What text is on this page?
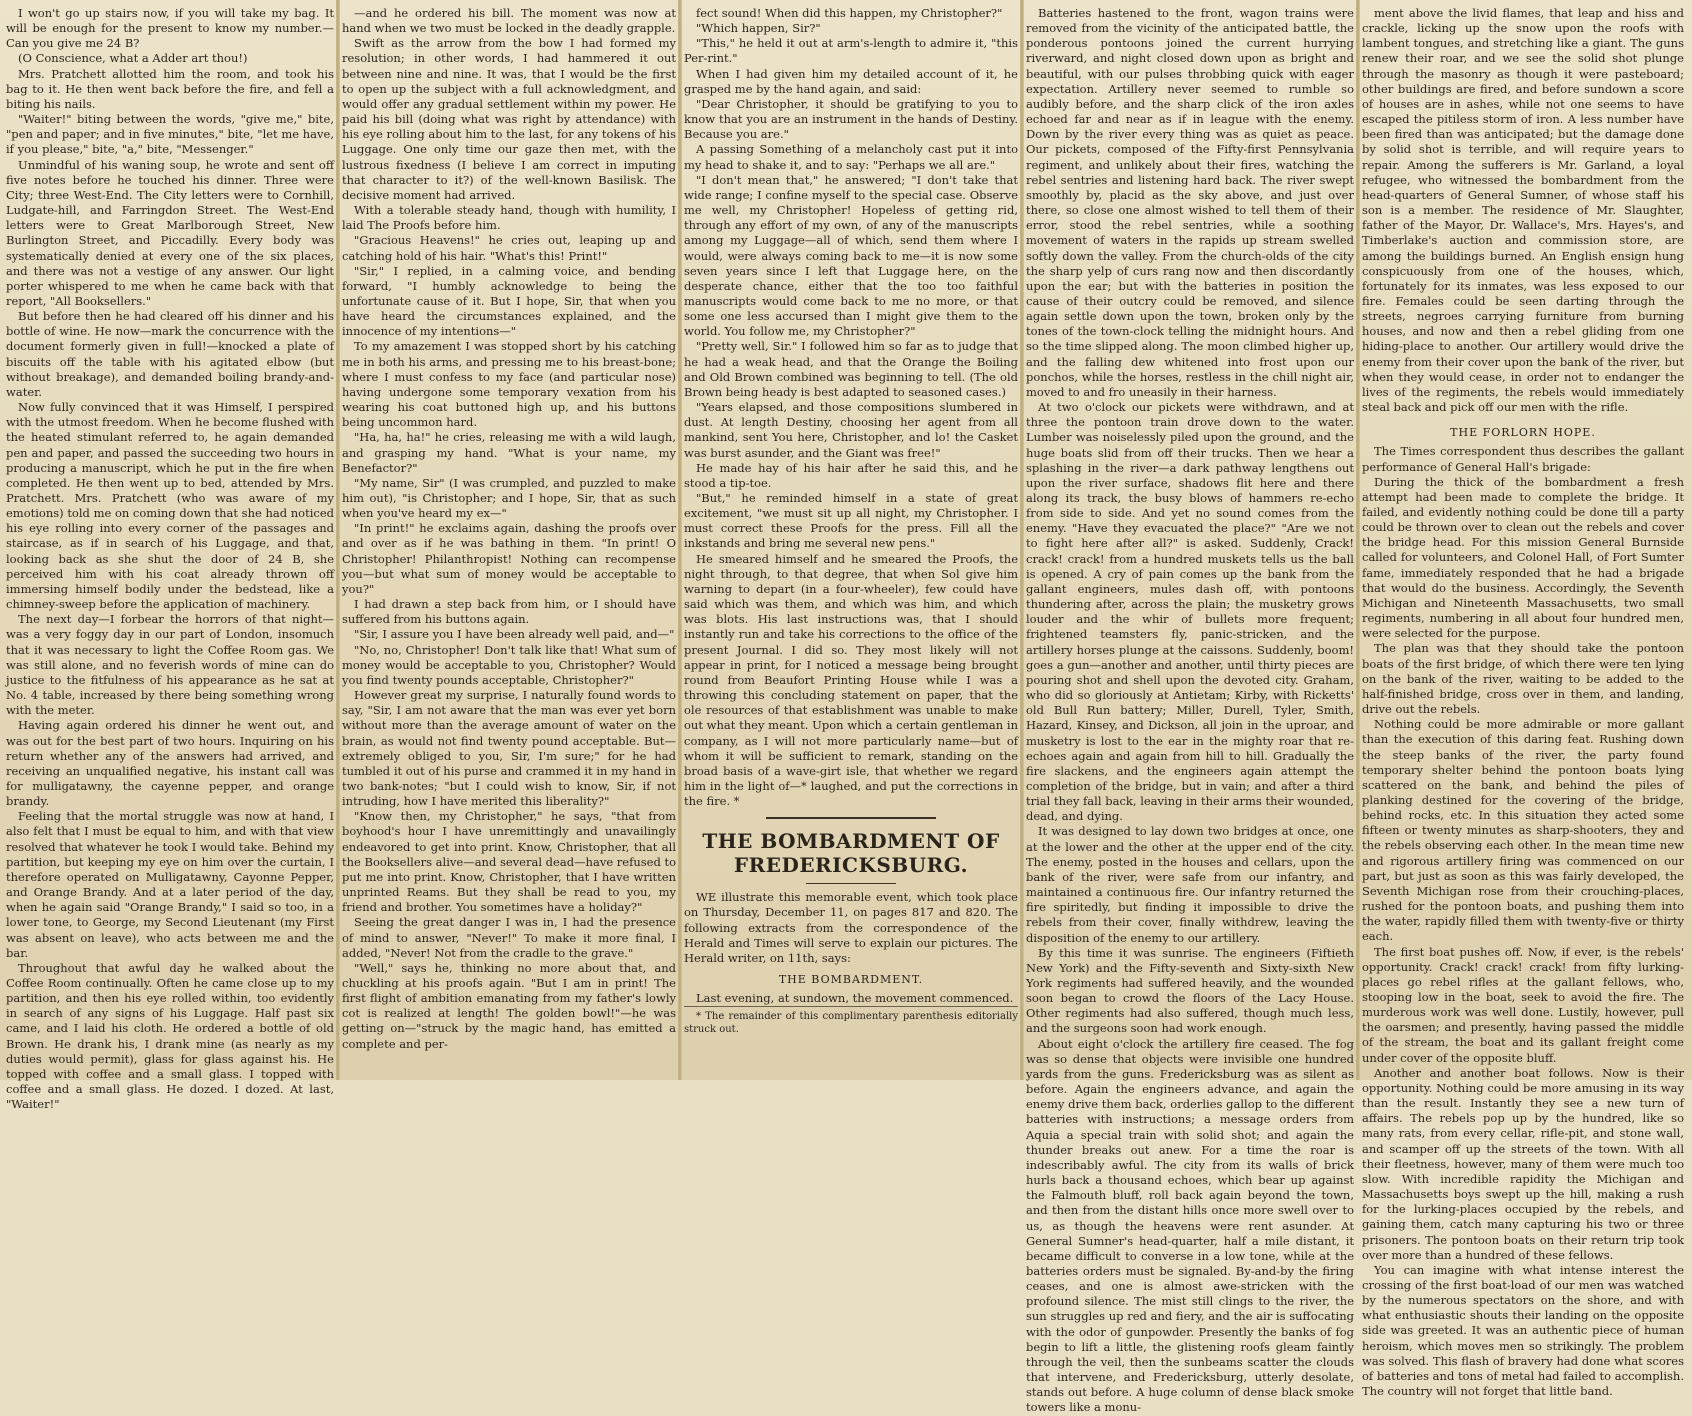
I won't go up stairs now, if you will take my bag. It will be enough for the present to know my number.—Can you give me 24 B?

(O Conscience, what a Adder art thou!)

Mrs. Pratchett allotted him the room, and took his bag to it. He then went back before the fire, and fell a biting his nails.

"Waiter!" biting between the words, "give me," bite, "pen and paper; and in five minutes," bite, "let me have, if you please," bite, "a," bite, "Messenger."

Unmindful of his waning soup, he wrote and sent off five notes before he touched his dinner. Three were City; three West-End. The City letters were to Cornhill, Ludgate-hill, and Farringdon Street. The West-End letters were to Great Marlborough Street, New Burlington Street, and Piccadilly. Every body was systematically denied at every one of the six places, and there was not a vestige of any answer. Our light porter whispered to me when he came back with that report, "All Booksellers."

But before then he had cleared off his dinner and his bottle of wine. He now—mark the concurrence with the document formerly given in full!—knocked a plate of biscuits off the table with his agitated elbow (but without breakage), and demanded boiling brandy-and-water.

Now fully convinced that it was Himself, I perspired with the utmost freedom. When he become flushed with the heated stimulant referred to, he again demanded pen and paper, and passed the succeeding two hours in producing a manuscript, which he put in the fire when completed. He then went up to bed, attended by Mrs. Pratchett. Mrs. Pratchett (who was aware of my emotions) told me on coming down that she had noticed his eye rolling into every corner of the passages and staircase, as if in search of his Luggage, and that, looking back as she shut the door of 24 B, she perceived him with his coat already thrown off immersing himself bodily under the bedstead, like a chimney-sweep before the application of machinery.

The next day—I forbear the horrors of that night—was a very foggy day in our part of London, insomuch that it was necessary to light the Coffee Room gas. We was still alone, and no feverish words of mine can do justice to the fitfulness of his appearance as he sat at No. 4 table, increased by there being something wrong with the meter.

Having again ordered his dinner he went out, and was out for the best part of two hours. Inquiring on his return whether any of the answers had arrived, and receiving an unqualified negative, his instant call was for mulligatawny, the cayenne pepper, and orange brandy.

Feeling that the mortal struggle was now at hand, I also felt that I must be equal to him, and with that view resolved that whatever he took I would take. Behind my partition, but keeping my eye on him over the curtain, I therefore operated on Mulligatawny, Cayonne Pepper, and Orange Brandy. And at a later period of the day, when he again said "Orange Brandy," I said so too, in a lower tone, to George, my Second Lieutenant (my First was absent on leave), who acts between me and the bar.

Throughout that awful day he walked about the Coffee Room continually. Often he came close up to my partition, and then his eye rolled within, too evidently in search of any signs of his Luggage. Half past six came, and I laid his cloth. He ordered a bottle of old Brown. He drank his, I drank mine (as nearly as my duties would permit), glass for glass against his. He topped with coffee and a small glass. I topped with coffee and a small glass. He dozed. I dozed. At last, "Waiter!"

—and he ordered his bill. The moment was now at hand when we two must be locked in the deadly grapple.

Swift as the arrow from the bow I had formed my resolution; in other words, I had hammered it out between nine and nine. It was, that I would be the first to open up the subject with a full acknowledgment, and would offer any gradual settlement within my power. He paid his bill (doing what was right by attendance) with his eye rolling about him to the last, for any tokens of his Luggage. One only time our gaze then met, with the lustrous fixedness (I believe I am correct in imputing that character to it?) of the well-known Basilisk. The decisive moment had arrived.

With a tolerable steady hand, though with humility, I laid The Proofs before him.

"Gracious Heavens!" he cries out, leaping up and catching hold of his hair. "What's this! Print!"

"Sir," I replied, in a calming voice, and bending forward, "I humbly acknowledge to being the unfortunate cause of it. But I hope, Sir, that when you have heard the circumstances explained, and the innocence of my intentions—"

To my amazement I was stopped short by his catching me in both his arms, and pressing me to his breast-bone; where I must confess to my face (and particular nose) having undergone some temporary vexation from his wearing his coat buttoned high up, and his buttons being uncommon hard.

"Ha, ha, ha!" he cries, releasing me with a wild laugh, and grasping my hand. "What is your name, my Benefactor?"

"My name, Sir" (I was crumpled, and puzzled to make him out), "is Christopher; and I hope, Sir, that as such when you've heard my ex—"

"In print!" he exclaims again, dashing the proofs over and over as if he was bathing in them. "In print! O Christopher! Philanthropist! Nothing can recompense you—but what sum of money would be acceptable to you?"

I had drawn a step back from him, or I should have suffered from his buttons again.

"Sir, I assure you I have been already well paid, and—"

"No, no, Christopher! Don't talk like that! What sum of money would be acceptable to you, Christopher? Would you find twenty pounds acceptable, Christopher?"

However great my surprise, I naturally found words to say, "Sir, I am not aware that the man was ever yet born without more than the average amount of water on the brain, as would not find twenty pound acceptable. But—extremely obliged to you, Sir, I'm sure;" for he had tumbled it out of his purse and crammed it in my hand in two bank-notes; "but I could wish to know, Sir, if not intruding, how I have merited this liberality?"

"Know then, my Christopher," he says, "that from boyhood's hour I have unremittingly and unavailingly endeavored to get into print. Know, Christopher, that all the Booksellers alive—and several dead—have refused to put me into print. Know, Christopher, that I have written unprinted Reams. But they shall be read to you, my friend and brother. You sometimes have a holiday?"

Seeing the great danger I was in, I had the presence of mind to answer, "Never!" To make it more final, I added, "Never! Not from the cradle to the grave."

"Well," says he, thinking no more about that, and chuckling at his proofs again. "But I am in print! The first flight of ambition emanating from my father's lowly cot is realized at length! The golden bowl!"—he was getting on—"struck by the magic hand, has emitted a complete and per-

fect sound! When did this happen, my Christopher?"

"Which happen, Sir?"

"This," he held it out at arm's-length to admire it, "this Per-rint."

When I had given him my detailed account of it, he grasped me by the hand again, and said:

"Dear Christopher, it should be gratifying to you to know that you are an instrument in the hands of Destiny. Because you are."

A passing Something of a melancholy cast put it into my head to shake it, and to say: "Perhaps we all are."

"I don't mean that," he answered; "I don't take that wide range; I confine myself to the special case. Observe me well, my Christopher! Hopeless of getting rid, through any effort of my own, of any of the manuscripts among my Luggage—all of which, send them where I would, were always coming back to me—it is now some seven years since I left that Luggage here, on the desperate chance, either that the too too faithful manuscripts would come back to me no more, or that some one less accursed than I might give them to the world. You follow me, my Christopher?"

"Pretty well, Sir." I followed him so far as to judge that he had a weak head, and that the Orange the Boiling and Old Brown combined was beginning to tell. (The old Brown being heady is best adapted to seasoned cases.)

"Years elapsed, and those compositions slumbered in dust. At length Destiny, choosing her agent from all mankind, sent You here, Christopher, and lo! the Casket was burst asunder, and the Giant was free!"

He made hay of his hair after he said this, and he stood a tip-toe.

"But," he reminded himself in a state of great excitement, "we must sit up all night, my Christopher. I must correct these Proofs for the press. Fill all the inkstands and bring me several new pens."

He smeared himself and he smeared the Proofs, the night through, to that degree, that when Sol give him warning to depart (in a four-wheeler), few could have said which was them, and which was him, and which was blots. His last instructions was, that I should instantly run and take his corrections to the office of the present Journal. I did so. They most likely will not appear in print, for I noticed a message being brought round from Beaufort Printing House while I was a throwing this concluding statement on paper, that the ole resources of that establishment was unable to make out what they meant. Upon which a certain gentleman in company, as I will not more particularly name—but of whom it will be sufficient to remark, standing on the broad basis of a wave-girt isle, that whether we regard him in the light of—* laughed, and put the corrections in the fire. *

THE BOMBARDMENT OF FREDERICKSBURG.

WE illustrate this memorable event, which took place on Thursday, December 11, on pages 817 and 820. The following extracts from the correspondence of the Herald and Times will serve to explain our pictures. The Herald writer, on 11th, says:

THE BOMBARDMENT.

Last evening, at sundown, the movement commenced.

* The remainder of this complimentary parenthesis editorially struck out.

Batteries hastened to the front, wagon trains were removed from the vicinity of the anticipated battle, the ponderous pontoons joined the current hurrying riverward, and night closed down upon as bright and beautiful, with our pulses throbbing quick with eager expectation. Artillery never seemed to rumble so audibly before, and the sharp click of the iron axles echoed far and near as if in league with the enemy. Down by the river every thing was as quiet as peace. Our pickets, composed of the Fifty-first Pennsylvania regiment, and unlikely about their fires, watching the rebel sentries and listening hard back. The river swept smoothly by, placid as the sky above, and just over there, so close one almost wished to tell them of their error, stood the rebel sentries, while a soothing movement of waters in the rapids up stream swelled softly down the valley. From the church-olds of the city the sharp yelp of curs rang now and then discordantly upon the ear; but with the batteries in position the cause of their outcry could be removed, and silence again settle down upon the town, broken only by the tones of the town-clock telling the midnight hours. And so the time slipped along. The moon climbed higher up, and the falling dew whitened into frost upon our ponchos, while the horses, restless in the chill night air, moved to and fro uneasily in their harness.

At two o'clock our pickets were withdrawn, and at three the pontoon train drove down to the water. Lumber was noiselessly piled upon the ground, and the huge boats slid from off their trucks. Then we hear a splashing in the river—a dark pathway lengthens out upon the river surface, shadows flit here and there along its track, the busy blows of hammers re-echo from side to side. And yet no sound comes from the enemy. "Have they evacuated the place?" "Are we not to fight here after all?" is asked. Suddenly, Crack! crack! crack! from a hundred muskets tells us the ball is opened. A cry of pain comes up the bank from the gallant engineers, mules dash off, with pontoons thundering after, across the plain; the musketry grows louder and the whir of bullets more frequent; frightened teamsters fly, panic-stricken, and the artillery horses plunge at the caissons. Suddenly, boom! goes a gun—another and another, until thirty pieces are pouring shot and shell upon the devoted city. Graham, who did so gloriously at Antietam; Kirby, with Ricketts' old Bull Run battery; Miller, Durell, Tyler, Smith, Hazard, Kinsey, and Dickson, all join in the uproar, and musketry is lost to the ear in the mighty roar that re-echoes again and again from hill to hill. Gradually the fire slackens, and the engineers again attempt the completion of the bridge, but in vain; and after a third trial they fall back, leaving in their arms their wounded, dead, and dying.

It was designed to lay down two bridges at once, one at the lower and the other at the upper end of the city. The enemy, posted in the houses and cellars, upon the bank of the river, were safe from our infantry, and maintained a continuous fire. Our infantry returned the fire spiritedly, but finding it impossible to drive the rebels from their cover, finally withdrew, leaving the disposition of the enemy to our artillery.

By this time it was sunrise. The engineers (Fiftieth New York) and the Fifty-seventh and Sixty-sixth New York regiments had suffered heavily, and the wounded soon began to crowd the floors of the Lacy House. Other regiments had also suffered, though much less, and the surgeons soon had work enough.

About eight o'clock the artillery fire ceased. The fog was so dense that objects were invisible one hundred yards from the guns. Fredericksburg was as silent as before. Again the engineers advance, and again the enemy drive them back, orderlies gallop to the different batteries with instructions; a message orders from Aquia a special train with solid shot; and again the thunder breaks out anew. For a time the roar is indescribably awful. The city from its walls of brick hurls back a thousand echoes, which bear up against the Falmouth bluff, roll back again beyond the town, and then from the distant hills once more swell over to us, as though the heavens were rent asunder. At General Sumner's head-quarter, half a mile distant, it became difficult to converse in a low tone, while at the batteries orders must be signaled. By-and-by the firing ceases, and one is almost awe-stricken with the profound silence. The mist still clings to the river, the sun struggles up red and fiery, and the air is suffocating with the odor of gunpowder. Presently the banks of fog begin to lift a little, the glistening roofs gleam faintly through the veil, then the sunbeams scatter the clouds that intervene, and Fredericksburg, utterly desolate, stands out before. A huge column of dense black smoke towers like a monu-

ment above the livid flames, that leap and hiss and crackle, licking up the snow upon the roofs with lambent tongues, and stretching like a giant. The guns renew their roar, and we see the solid shot plunge through the masonry as though it were pasteboard; other buildings are fired, and before sundown a score of houses are in ashes, while not one seems to have escaped the pitiless storm of iron. A less number have been fired than was anticipated; but the damage done by solid shot is terrible, and will require years to repair. Among the sufferers is Mr. Garland, a loyal refugee, who witnessed the bombardment from the head-quarters of General Sumner, of whose staff his son is a member. The residence of Mr. Slaughter, father of the Mayor, Dr. Wallace's, Mrs. Hayes's, and Timberlake's auction and commission store, are among the buildings burned. An English ensign hung conspicuously from one of the houses, which, fortunately for its inmates, was less exposed to our fire. Females could be seen darting through the streets, negroes carrying furniture from burning houses, and now and then a rebel gliding from one hiding-place to another. Our artillery would drive the enemy from their cover upon the bank of the river, but when they would cease, in order not to endanger the lives of the regiments, the rebels would immediately steal back and pick off our men with the rifle.

THE FORLORN HOPE.

The Times correspondent thus describes the gallant performance of General Hall's brigade:

During the thick of the bombardment a fresh attempt had been made to complete the bridge. It failed, and evidently nothing could be done till a party could be thrown over to clean out the rebels and cover the bridge head. For this mission General Burnside called for volunteers, and Colonel Hall, of Fort Sumter fame, immediately responded that he had a brigade that would do the business. Accordingly, the Seventh Michigan and Nineteenth Massachusetts, two small regiments, numbering in all about four hundred men, were selected for the purpose.

The plan was that they should take the pontoon boats of the first bridge, of which there were ten lying on the bank of the river, waiting to be added to the half-finished bridge, cross over in them, and landing, drive out the rebels.

Nothing could be more admirable or more gallant than the execution of this daring feat. Rushing down the steep banks of the river, the party found temporary shelter behind the pontoon boats lying scattered on the bank, and behind the piles of planking destined for the covering of the bridge, behind rocks, etc. In this situation they acted some fifteen or twenty minutes as sharp-shooters, they and the rebels observing each other. In the mean time new and rigorous artillery firing was commenced on our part, but just as soon as this was fairly developed, the Seventh Michigan rose from their crouching-places, rushed for the pontoon boats, and pushing them into the water, rapidly filled them with twenty-five or thirty each.

The first boat pushes off. Now, if ever, is the rebels' opportunity. Crack! crack! crack! from fifty lurking-places go rebel rifles at the gallant fellows, who, stooping low in the boat, seek to avoid the fire. The murderous work was well done. Lustily, however, pull the oarsmen; and presently, having passed the middle of the stream, the boat and its gallant freight come under cover of the opposite bluff.

Another and another boat follows. Now is their opportunity. Nothing could be more amusing in its way than the result. Instantly they see a new turn of affairs. The rebels pop up by the hundred, like so many rats, from every cellar, rifle-pit, and stone wall, and scamper off up the streets of the town. With all their fleetness, however, many of them were much too slow. With incredible rapidity the Michigan and Massachusetts boys swept up the hill, making a rush for the lurking-places occupied by the rebels, and gaining them, catch many capturing his two or three prisoners. The pontoon boats on their return trip took over more than a hundred of these fellows.

You can imagine with what intense interest the crossing of the first boat-load of our men was watched by the numerous spectators on the shore, and with what enthusiastic shouts their landing on the opposite side was greeted. It was an authentic piece of human heroism, which moves men so strikingly. The problem was solved. This flash of bravery had done what scores of batteries and tons of metal had failed to accomplish. The country will not forget that little band.
